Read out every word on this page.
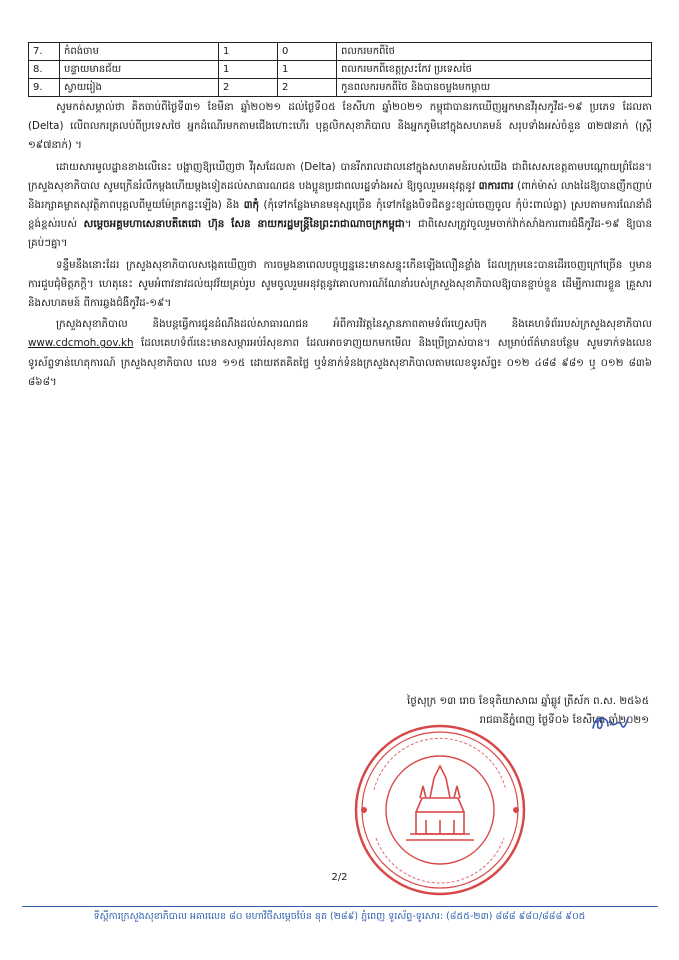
7.	កំពង់ចាម	1	0	ពលករមកពីថៃ
8.	បន្ទាយមានជ័យ	1	1	ពលករមកពីខេត្តស្រះកែវ ប្រទេសថៃ
9.	ស្វាយរៀង	2	2	កូនពលករមកពីថៃ និងបានចម្លងមកម្ដាយ

សូមកត់សម្គាល់ថា គិតចាប់ពីថ្ងៃទី៣១ ខែមីនា ឆ្នាំ២០២១ ដល់ថ្ងៃទី០៥ ខែសីហា ឆ្នាំ២០២១ កម្ពុជាបានរកឃើញអ្នកមានវីរុសកូវីដ-១៩ ប្រភេទ ដែលតា (Delta) លើពលករត្រលប់ពីប្រទេសថៃ អ្នកដំណើរមកតាមជើងហោះហើរ បុគ្គលិកសុខាភិបាល និងអ្នកភូមិនៅក្នុងសហគមន៍ សរុបទាំងអស់ចំនួន ៣២៧នាក់ (ស្ត្រី ១៩៧នាក់) ។

ដោយសារមូលដ្ឋានខាងលើនេះ បង្ហាញឱ្យឃើញថា វីរុសដែលតា (Delta) បានរីករាលដាលនៅក្នុងសហគមន៍របស់យើង ជាពិសេសខេត្តតាមបណ្ដោយព្រំដែន។ ក្រសួងសុខាភិបាល សូមក្រើនរំលឹកម្ដងហើយម្ដងទៀតដល់សាធារណជន បងប្អូនប្រជាពលរដ្ឋទាំងអស់ ឱ្យចូលរួមអនុវត្តនូវ ៣ការពារ (ពាក់ម៉ាស់ លាងដៃឱ្យបានញឹកញាប់ និងរក្សាគម្លាតសុវត្ថិភាពបុគ្គលពីមួយម៉ែត្រកន្លះឡើង) និង ៣កុំ (កុំទៅកន្លែងមានមនុស្សច្រើន កុំទៅកន្លែងបិទជិតខ្វះខ្យល់ចេញចូល កុំប៉ះពាល់គ្នា) ស្របតាមការណែនាំដ៏ខ្ពង់ខ្ពស់របស់ សម្ដេចអគ្គមហាសេនាបតីតេជោ ហ៊ុន សែន នាយករដ្ឋមន្ត្រីនៃព្រះរាជាណាចក្រកម្ពុជា។ ជាពិសេសត្រូវចូលរួមចាក់វ៉ាក់សាំងការពារជំងឺកូវីដ-១៩ ឱ្យបានគ្រប់ៗគ្នា។

ទន្ទឹមនឹងនោះដែរ ក្រសួងសុខាភិបាលសង្កេតឃើញថា ការចម្លងនាពេលបច្ចុប្បន្ននេះមានសន្ទុះកើនឡើងលឿនខ្លាំង ដែលក្រុមនេះបានដើរចេញក្រៅច្រើន ឬមានការជួបជុំមិត្តភក្តិ។ ហេតុនេះ សូមអំពាវនាវដល់យុវវ័យគ្រប់រូប សូមចូលរួមអនុវត្តនូវគោលការណ៍ណែនាំរបស់ក្រសួងសុខាភិបាលឱ្យបានខ្ជាប់ខ្ជួន ដើម្បីការពារខ្លួន គ្រួសារ និងសហគមន៍ ពីការឆ្លងជំងឺកូវីដ-១៩។

ក្រសួងសុខាភិបាល និងបន្តធ្វើការជូនដំណឹងដល់សាធារណជន អំពីការវិវត្តនៃស្ថានភាពតាមទំព័រហ្វេសប៊ុក និងគេហទំព័ររបស់ក្រសួងសុខាភិបាល www.cdcmoh.gov.kh ដែលគេហទំព័រនេះមានសម្ភារអប់រំសុខភាព ដែលអាចទាញយកមកមើល និងប្រើប្រាស់បាន។ សម្រាប់ព័ត៌មានបន្ថែម សូមទាក់ទងលេខទូរស័ព្ទទាន់ហេតុការណ៍ ក្រសួងសុខាភិបាល លេខ ១១៥ ដោយឥតគិតថ្លៃ ឬទំនាក់ទំនងក្រសួងសុខាភិបាលតាមលេខទូរស័ព្ទ៖ ០១២ ៤៨៨ ៩៨១ ឬ ០១២ ៨៣៦ ៨៦៨។

ថ្ងៃសុក្រ ១៣ រោច ខែទុតិយាសាឍ ឆ្នាំឆ្លូវ ត្រីស័ក ព.ស. ២៥៦៥
រាជធានីភ្នំពេញ ថ្ងៃទី០៦ ខែសីហា ឆ្នាំ២០២១
2/2
ទីស្តីការក្រសួងសុខាភិបាល អគារលេខ ៨០ មហាវិថីសម្ដេចប៉ែន នុត (២៨៩) ភ្នំពេញ ទូរស័ព្ទ-ទូរសារ: (៨៥៥-២៣) ៨៨៨ ៩៨០/៨៨៨ ៩០៥
